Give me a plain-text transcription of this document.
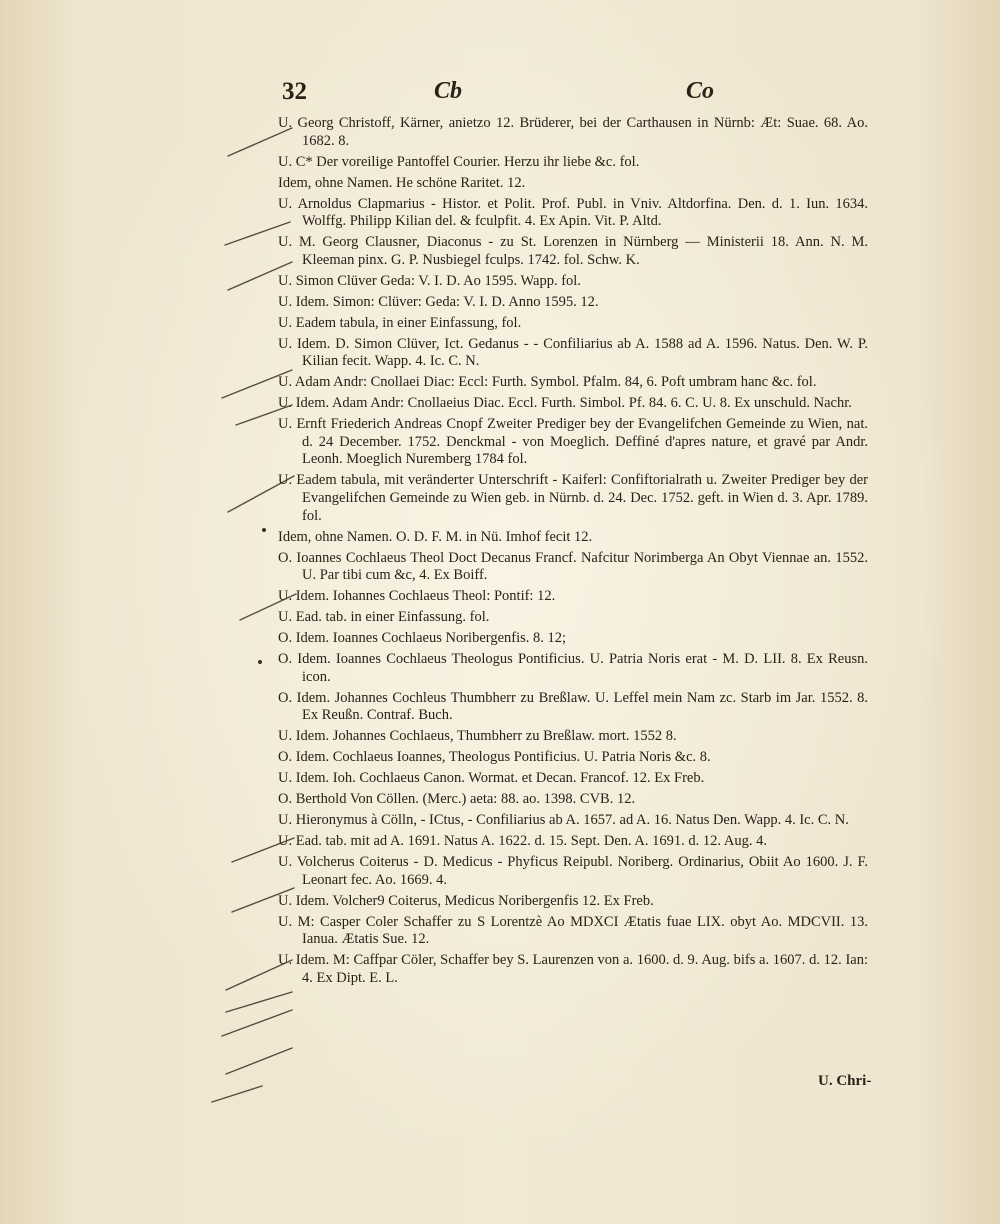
32	Cb	Co
U. Georg Christoff, Kärner, anietzo 12. Brüderer, bei der Carthausen in Nürnb: Æt: Suae. 68. Ao. 1682. 8.
U. C* Der voreilige Pantoffel Courier. Herzu ihr liebe &c. fol.
Idem, ohne Namen. He schöne Raritet. 12.
U. Arnoldus Clapmarius - Histor. et Polit. Prof. Publ. in Vniv. Altdorfina. Den. d. 1. Iun. 1634. Wolffg. Philipp Kilian del. & fculpfit. 4. Ex Apin. Vit. P. Altd.
U. M. Georg Clausner, Diaconus - zu St. Lorenzen in Nürnberg — Ministerii 18. Ann. N. M. Kleeman pinx. G. P. Nusbiegel fculps. 1742. fol. Schw. K.
U. Simon Clüver Geda: V. I. D. Ao 1595. Wapp. fol.
U. Idem. Simon: Clüver: Geda: V. I. D. Anno 1595. 12.
U. Eadem tabula, in einer Einfassung, fol.
U. Idem. D. Simon Clüver, Ict. Gedanus - - Confiliarius ab A. 1588 ad A. 1596. Natus. Den. W. P. Kilian fecit. Wapp. 4. Ic. C. N.
U. Adam Andr: Cnollaei Diac: Eccl: Furth. Symbol. Pfalm. 84, 6. Poft umbram hanc &c. fol.
U. Idem. Adam Andr: Cnollaeius Diac. Eccl. Furth. Simbol. Pf. 84. 6. C. U. 8. Ex unschuld. Nachr.
U. Ernft Friederich Andreas Cnopf Zweiter Prediger bey der Evangelifchen Gemeinde zu Wien, nat. d. 24 December. 1752. Denckmal - von Moeglich. Deffiné d'apres nature, et gravé par Andr. Leonh. Moeglich Nuremberg 1784 fol.
U. Eadem tabula, mit veränderter Unterschrift - Kaiferl: Confiftorialrath u. Zweiter Prediger bey der Evangelifchen Gemeinde zu Wien geb. in Nürnb. d. 24. Dec. 1752. geft. in Wien d. 3. Apr. 1789. fol.
Idem, ohne Namen. O. D. F. M. in Nü. Imhof fecit 12.
O. Ioannes Cochlaeus Theol Doct Decanus Francf. Nafcitur Norimberga An Obyt Viennae an. 1552. U. Par tibi cum &c, 4. Ex Boiff.
U. Idem. Iohannes Cochlaeus Theol: Pontif: 12.
U. Ead. tab. in einer Einfassung. fol.
O. Idem. Ioannes Cochlaeus Noribergenfis. 8. 12;
O. Idem. Ioannes Cochlaeus Theologus Pontificius. U. Patria Noris erat - M. D. LII. 8. Ex Reusn. icon.
O. Idem. Johannes Cochleus Thumbherr zu Breßlaw. U. Leffel mein Nam zc. Starb im Jar. 1552. 8. Ex Reußn. Contraf. Buch.
U. Idem. Johannes Cochlaeus, Thumbherr zu Breßlaw. mort. 1552 8.
O. Idem. Cochlaeus Ioannes, Theologus Pontificius. U. Patria Noris &c. 8.
U. Idem. Ioh. Cochlaeus Canon. Wormat. et Decan. Francof. 12. Ex Freb.
O. Berthold Von Cöllen. (Merc.) aeta: 88. ao. 1398. CVB. 12.
U. Hieronymus à Cölln, - ICtus, - Confiliarius ab A. 1657. ad A. 16. Natus Den. Wapp. 4. Ic. C. N.
U. Ead. tab. mit ad A. 1691. Natus A. 1622. d. 15. Sept. Den. A. 1691. d. 12. Aug. 4.
U. Volcherus Coiterus - D. Medicus - Phyficus Reipubl. Noriberg. Ordinarius, Obiit Ao 1600. J. F. Leonart fec. Ao. 1669. 4.
U. Idem. Volcher9 Coiterus, Medicus Noribergenfis 12. Ex Freb.
U. M: Casper Coler Schaffer zu S Lorentzè Ao MDXCI Ætatis fuae LIX. obyt Ao. MDCVII. 13. Ianua. Ætatis Sue. 12.
U. Idem. M: Caffpar Cöler, Schaffer bey S. Laurenzen von a. 1600. d. 9. Aug. bifs a. 1607. d. 12. Ian: 4. Ex Dipt. E. L.
U. Chri-
